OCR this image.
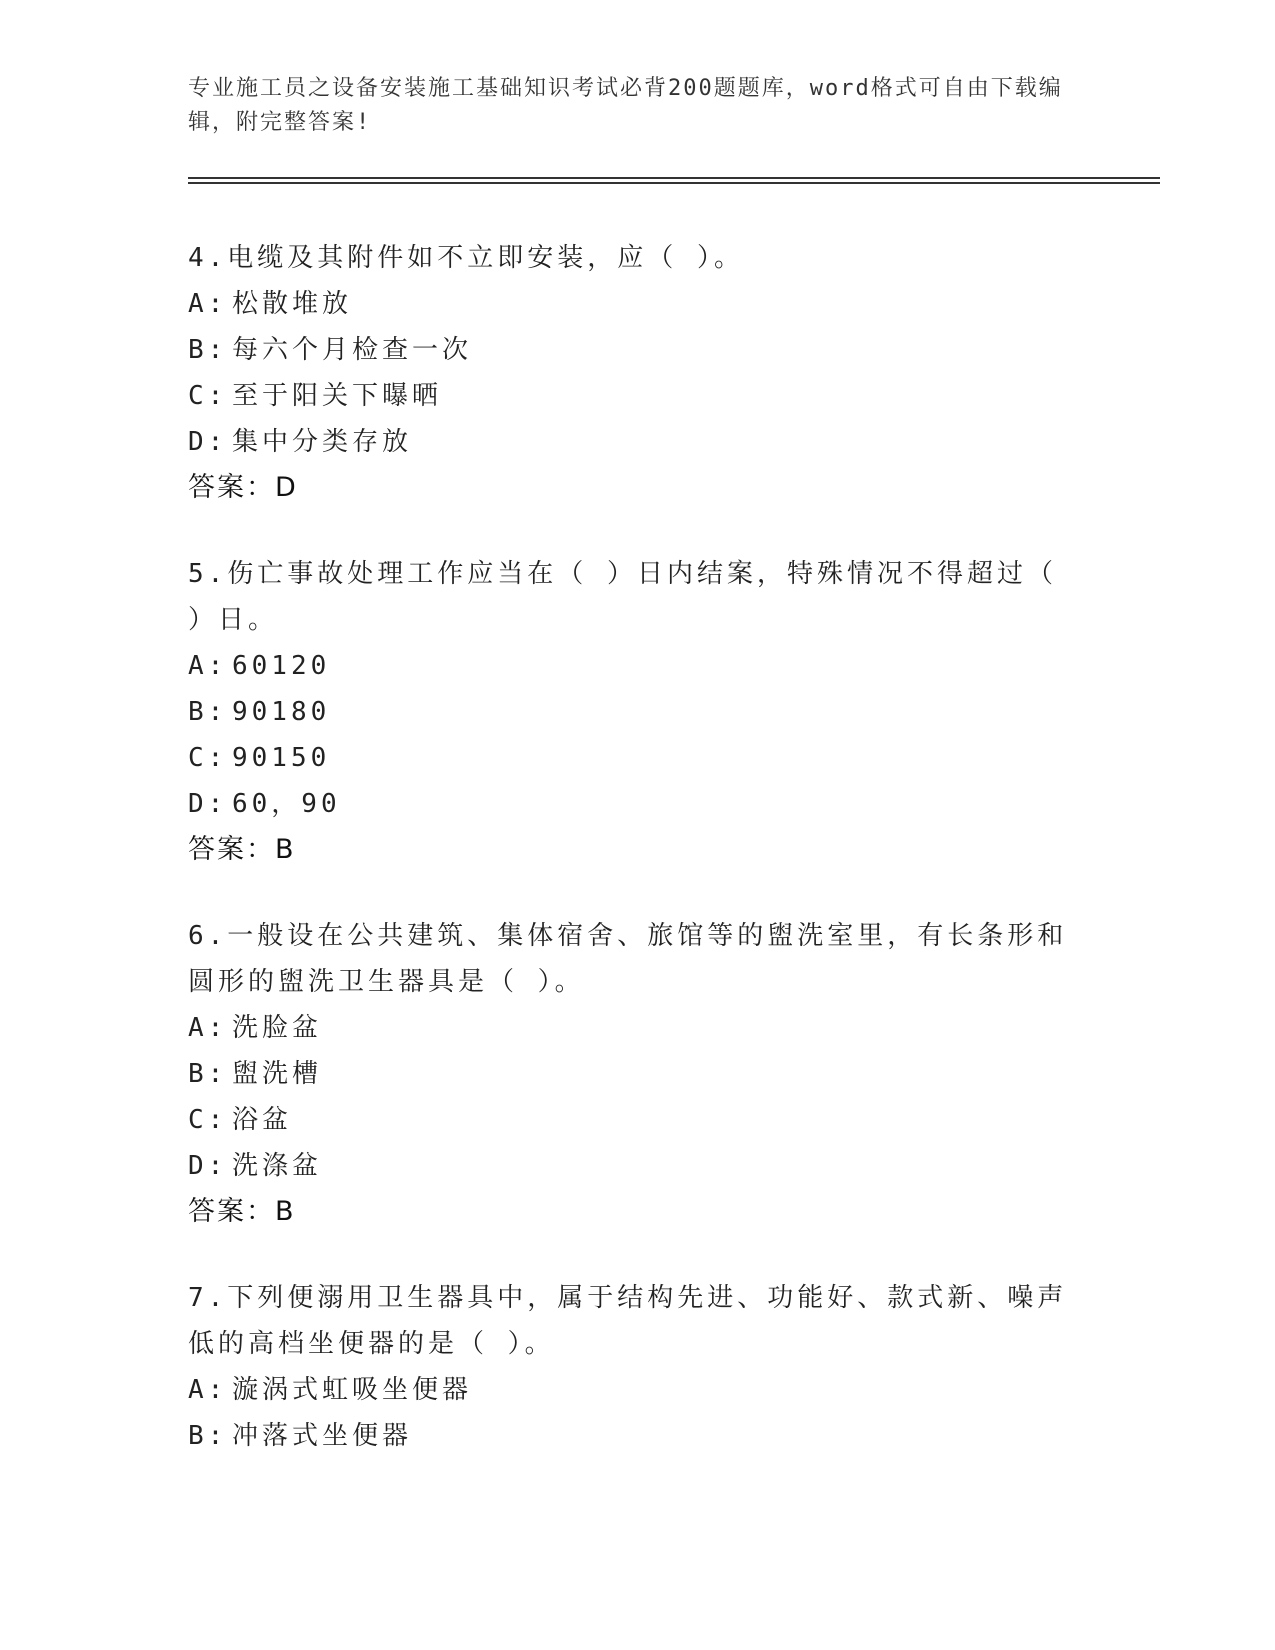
专业施工员之设备安装施工基础知识考试必背200题题库，word格式可自由下载编辑，附完整答案!
4.电缆及其附件如不立即安装，应（ ）。
A: 松散堆放
B: 每六个月检查一次
C: 至于阳关下曝晒
D: 集中分类存放
答案：D
5.伤亡事故处理工作应当在（ ）日内结案，特殊情况不得超过（ ）日。
A: 60120
B: 90180
C: 90150
D: 60，90
答案：B
6.一般设在公共建筑、集体宿舍、旅馆等的盥洗室里，有长条形和圆形的盥洗卫生器具是（ ）。
A: 洗脸盆
B: 盥洗槽
C: 浴盆
D: 洗涤盆
答案：B
7.下列便溺用卫生器具中，属于结构先进、功能好、款式新、噪声低的高档坐便器的是（ ）。
A: 漩涡式虹吸坐便器
B: 冲落式坐便器
